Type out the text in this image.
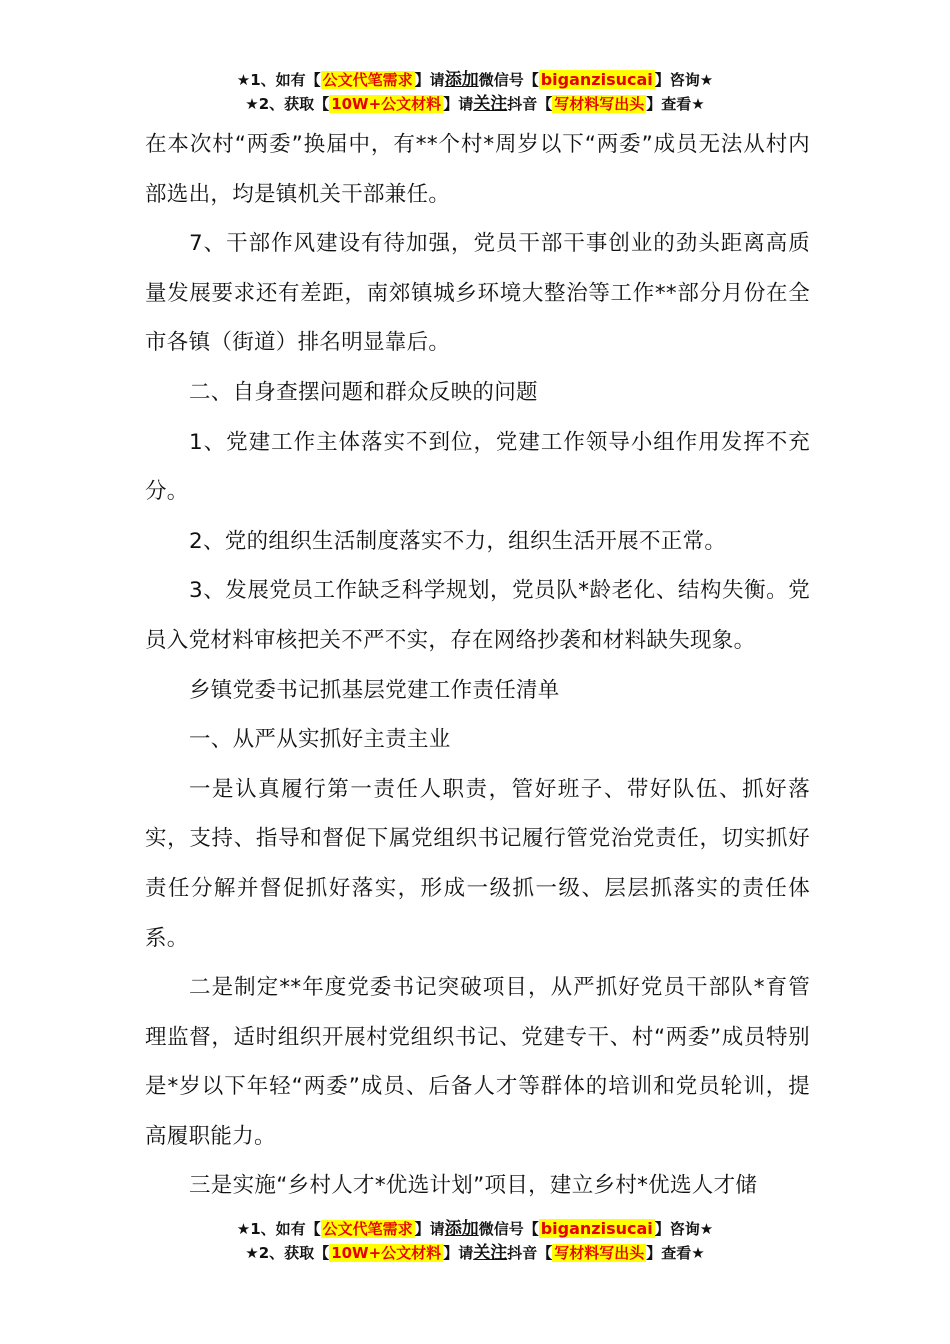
★1、如有【 公文代笔需求 】请添加微信号【 biganzisucai 】咨询★
★2、获取【 10W+公文材料 】请关注抖音【 写材料写出头 】查看★

在本次村“两委”换届中，有**个村*周岁以下“两委”成员无法从村内部选出，均是镇机关干部兼任。

7、干部作风建设有待加强，党员干部干事创业的劲头距离高质量发展要求还有差距，南郊镇城乡环境大整治等工作**部分月份在全市各镇（街道）排名明显靠后。

二、自身查摆问题和群众反映的问题

1、党建工作主体落实不到位，党建工作领导小组作用发挥不充分。

2、党的组织生活制度落实不力，组织生活开展不正常。

3、发展党员工作缺乏科学规划，党员队*龄老化、结构失衡。党员入党材料审核把关不严不实，存在网络抄袭和材料缺失现象。

乡镇党委书记抓基层党建工作责任清单

一、从严从实抓好主责主业

一是认真履行第一责任人职责，管好班子、带好队伍、抓好落实，支持、指导和督促下属党组织书记履行管党治党责任，切实抓好责任分解并督促抓好落实，形成一级抓一级、层层抓落实的责任体系。

二是制定**年度党委书记突破项目，从严抓好党员干部队*育管理监督，适时组织开展村党组织书记、党建专干、村“两委”成员特别是*岁以下年轻“两委”成员、后备人才等群体的培训和党员轮训，提高履职能力。

三是实施“乡村人才*优选计划”项目，建立乡村*优选人才储

★1、如有【 公文代笔需求 】请添加微信号【 biganzisucai 】咨询★
★2、获取【 10W+公文材料 】请关注抖音【 写材料写出头 】查看★
